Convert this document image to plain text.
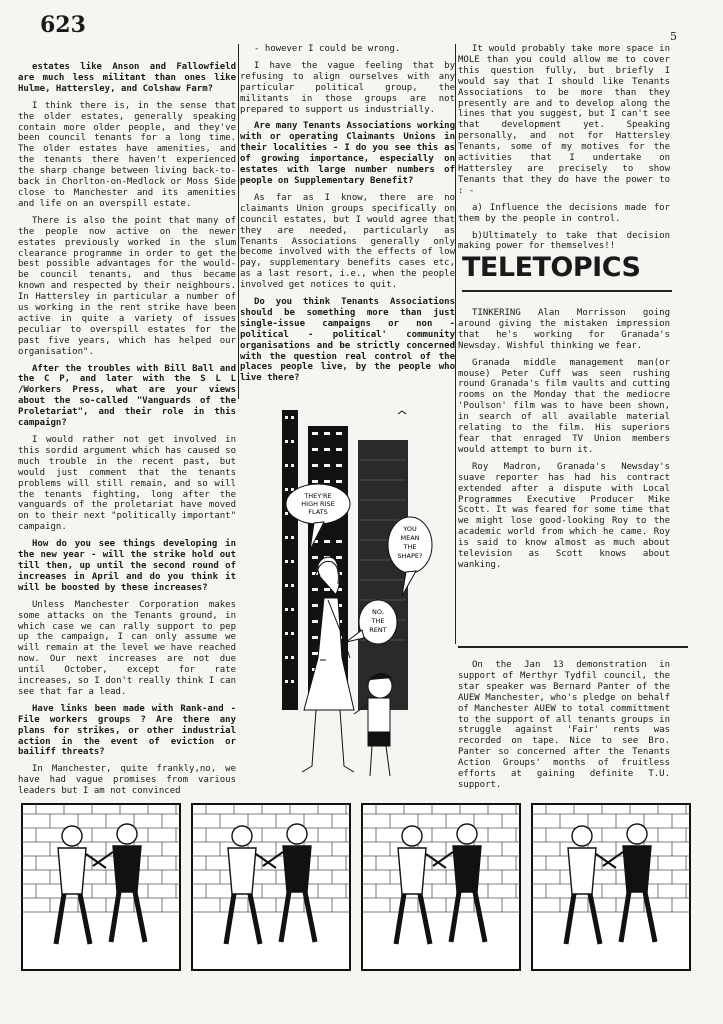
623	5

estates like Anson and Fallowfield are much less militant than ones like Hulme, Hattersley, and Colshaw Farm?

I think there is, in the sense that the older estates, generally speaking contain more older people, and they've been council tenants for a long time. The older estates have amenities, and the tenants there haven't experienced the sharp change between living back-to-back in Chorlton-on-Medlock or Moss Side close to Manchester and its amenities and life on an overspill estate.

There is also the point that many of the people now active on the newer estates previously worked in the slum clearance programme in order to get the best possible advantages for the would-be council tenants, and thus became known and respected by their neighbours. In Hattersley in particular a number of us working in the rent strike have been active in quite a variety of issues peculiar to overspill estates for the past five years, which has helped our organisation".

After the troubles with Bill Ball and the C P, and later with the S L L /Workers Press, what are your views about the so-called "Vanguards of the Proletariat", and their role in this campaign?

I would rather not get involved in this sordid argument which has caused so much trouble in the recent past, but would just comment that the tenants problems will still remain, and so will the tenants fighting, long after the vanguards of the proletariat have moved on to their next "politically important" campaign.

How do you see things developing in the new year - will the strike hold out till then, up until the second round of increases in April and do you think it will be boosted by these increases?

Unless Manchester Corporation makes some attacks on the Tenants ground, in which case we can rally support to pep up the campaign, I can only assume we will remain at the level we have reached now. Our next increases are not due until October, except for rate increases, so I don't really think I can see that far a lead.

Have links been made with Rank-and - File workers groups ? Are there any plans for strikes, or other industrial action in the event of eviction or bailiff threats?

In Manchester, quite frankly,no, we have had vague promises from various leaders but I am not convinced

- however I could be wrong.

I have the vague feeling that by refusing to align ourselves with any particular political group, the militants in those groups are not prepared to support us industrially.

Are many Tenants Associations working with or operating Claimants Unions in their localities - I do you see this as of growing importance, especially on estates with large number numbers of people on Supplementary Benefit?

As far as I know, there are no claimants Union groups specifically on council estates, but I would agree that they are needed, particularly as Tenants Associations generally only become involved with the effects of low pay, supplementary benefits cases etc, as a last resort, i.e., when the people involved get notices to quit.

Do you think Tenants Associations should be something more than just single-issue campaigns or non -political - political' community organisations and be strictly concerned with the question real control of the places people live, by the people who live there?

It would probably take more space in MOLE than you could allow me to cover this question fully, but briefly I would say that I should like Tenants Associations to be more than they presently are and to develop along the lines that you suggest, but I can't see that development yet. Speaking personally, and not for Hattersley Tenants, some of my motives for the activities that I undertake on Hattersley are precisely to show Tenants that they do have the power to : -

a) Influence the decisions made for them by the people in control.

b)Ultimately to take that decision making power for themselves!!

TELETOPICS

TINKERING Alan Morrisson going around giving the mistaken impression that he's working for Granada's Newsday. Wishful thinking we fear.

Granada middle management man(or mouse) Peter Cuff was seen rushing round Granada's film vaults and cutting rooms on the Monday that the mediocre 'Poulson' film was to have been shown, in search of all available material relating to the film. His superiors fear that enraged TV Union members would attempt to burn it.

Roy Madron, Granada's Newsday's suave reporter has had his contract extended after a dispute with Local Programmes Executive Producer Mike Scott. It was feared for some time that we might lose good-looking Roy to the academic world from which he came. Roy is said to know almost as much about television as Scott knows about wanking.

On the Jan 13 demonstration in support of Merthyr Tydfil council, the star speaker was Bernard Panter of the AUEW Manchester, who's pledge on behalf of Manchester AUEW to total committment to the support of all tenants groups in struggle against 'Fair' rents was recorded on tape. Nice to see Bro. Panter so concerned after the Tenants Action Groups' months of fruitless efforts at gaining definite T.U. support.

THEY'RE
HIGH RISE
FLATS
YOU
MEAN
THE
SHAPE?
NO,
THE
RENT
